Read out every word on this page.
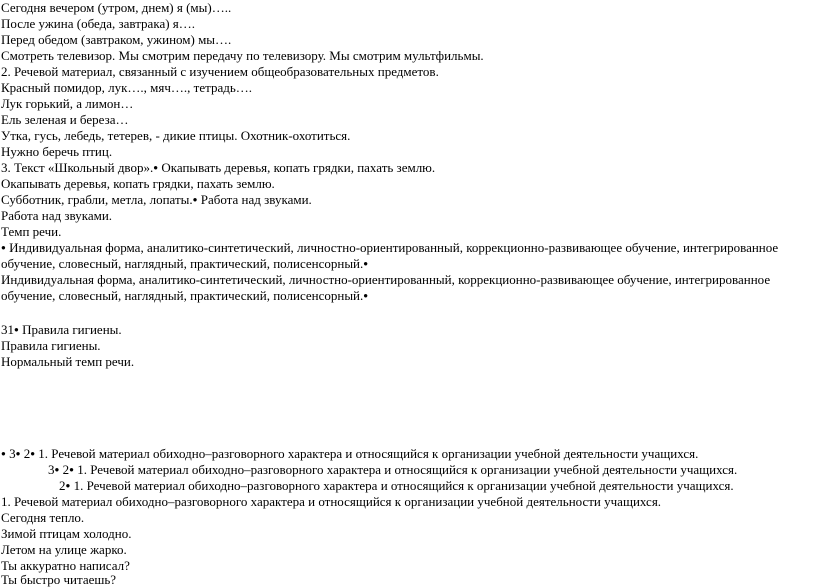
Сегодня вечером (утром, днем) я (мы)…..
После ужина (обеда, завтрака) я….
Перед обедом (завтраком, ужином) мы….
Смотреть телевизор. Мы смотрим передачу по телевизору. Мы смотрим мультфильмы.
2. Речевой материал, связанный с изучением общеобразовательных предметов.
Красный помидор, лук…., мяч…., тетрадь….
Лук горький, а лимон…
Ель зеленая и береза…
Утка, гусь, лебедь, тетерев, - дикие птицы. Охотник-охотиться.
Нужно беречь птиц.
3. Текст «Школьный двор». ● Окапывать деревья, копать грядки, пахать землю.
Окапывать деревья, копать грядки, пахать землю.
Субботник, грабли, метла, лопаты. ● Работа над звуками.
Работа над звуками.
Темп речи.
● Индивидуальная форма, аналитико-синтетический, личностно-ориентированный, коррекционно-развивающее обучение, интегрированное
обучение, словесный, наглядный, практический, полисенсорный.●
Индивидуальная форма, аналитико-синтетический, личностно-ориентированный, коррекционно-развивающее обучение, интегрированное
обучение, словесный, наглядный, практический, полисенсорный.●
31 ● Правила гигиены.
Правила гигиены.
Нормальный темп речи.
● 3 ● 2 ● 1. Речевой материал обиходно–разговорного характера и относящийся к организации учебной деятельности учащихся.
3 ● 2 ● 1. Речевой материал обиходно–разговорного характера и относящийся к организации учебной деятельности учащихся.
2 ● 1. Речевой материал обиходно–разговорного характера и относящийся к организации учебной деятельности учащихся.
1. Речевой материал обиходно–разговорного характера и относящийся к организации учебной деятельности учащихся.
Сегодня тепло.
Зимой птицам холодно.
Летом на улице жарко.
Ты аккуратно написал?
Ты быстро читаешь?
